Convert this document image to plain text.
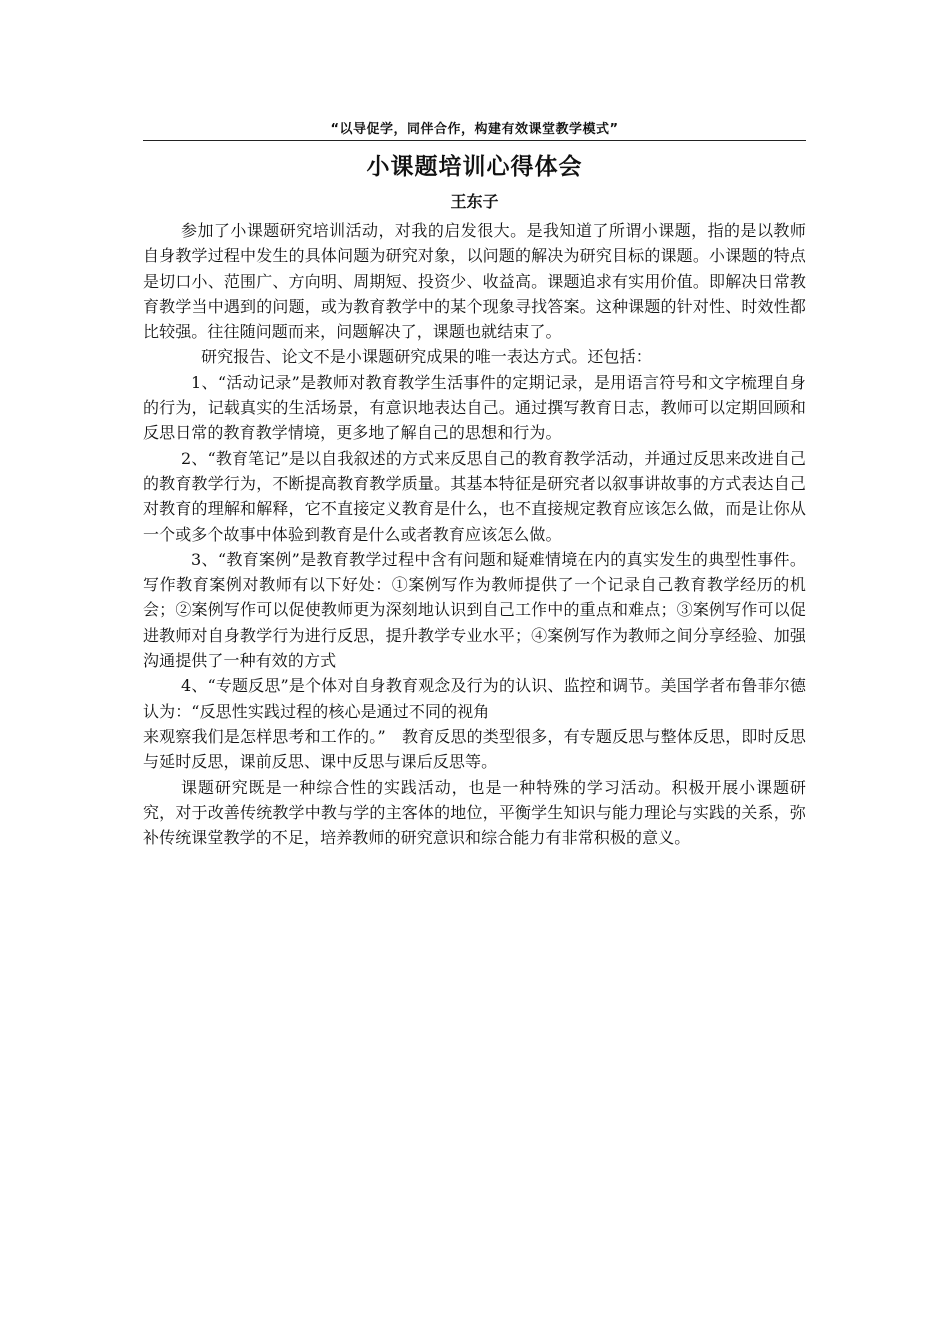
“以导促学，同伴合作，构建有效课堂教学模式”
小课题培训心得体会
王东子

参加了小课题研究培训活动，对我的启发很大。是我知道了所谓小课题，指的是以教师自身教学过程中发生的具体问题为研究对象，以问题的解决为研究目标的课题。小课题的特点是切口小、范围广、方向明、周期短、投资少、收益高。课题追求有实用价值。即解决日常教育教学当中遇到的问题，或为教育教学中的某个现象寻找答案。这种课题的针对性、时效性都比较强。往往随问题而来，问题解决了，课题也就结束了。

研究报告、论文不是小课题研究成果的唯一表达方式。还包括：

1、“活动记录”是教师对教育教学生活事件的定期记录，是用语言符号和文字梳理自身的行为，记载真实的生活场景，有意识地表达自己。通过撰写教育日志，教师可以定期回顾和反思日常的教育教学情境，更多地了解自己的思想和行为。

2、“教育笔记”是以自我叙述的方式来反思自己的教育教学活动，并通过反思来改进自己的教育教学行为，不断提高教育教学质量。其基本特征是研究者以叙事讲故事的方式表达自己对教育的理解和解释，它不直接定义教育是什么，也不直接规定教育应该怎么做，而是让你从一个或多个故事中体验到教育是什么或者教育应该怎么做。

3、“教育案例”是教育教学过程中含有问题和疑难情境在内的真实发生的典型性事件。写作教育案例对教师有以下好处：①案例写作为教师提供了一个记录自己教育教学经历的机会；②案例写作可以促使教师更为深刻地认识到自己工作中的重点和难点；③案例写作可以促进教师对自身教学行为进行反思，提升教学专业水平；④案例写作为教师之间分享经验、加强沟通提供了一种有效的方式

4、“专题反思”是个体对自身教育观念及行为的认识、监控和调节。美国学者布鲁菲尔德认为：“反思性实践过程的核心是通过不同的视角

来观察我们是怎样思考和工作的。”　教育反思的类型很多，有专题反思与整体反思，即时反思与延时反思，课前反思、课中反思与课后反思等。

课题研究既是一种综合性的实践活动，也是一种特殊的学习活动。积极开展小课题研究，对于改善传统教学中教与学的主客体的地位，平衡学生知识与能力理论与实践的关系，弥补传统课堂教学的不足，培养教师的研究意识和综合能力有非常积极的意义。
